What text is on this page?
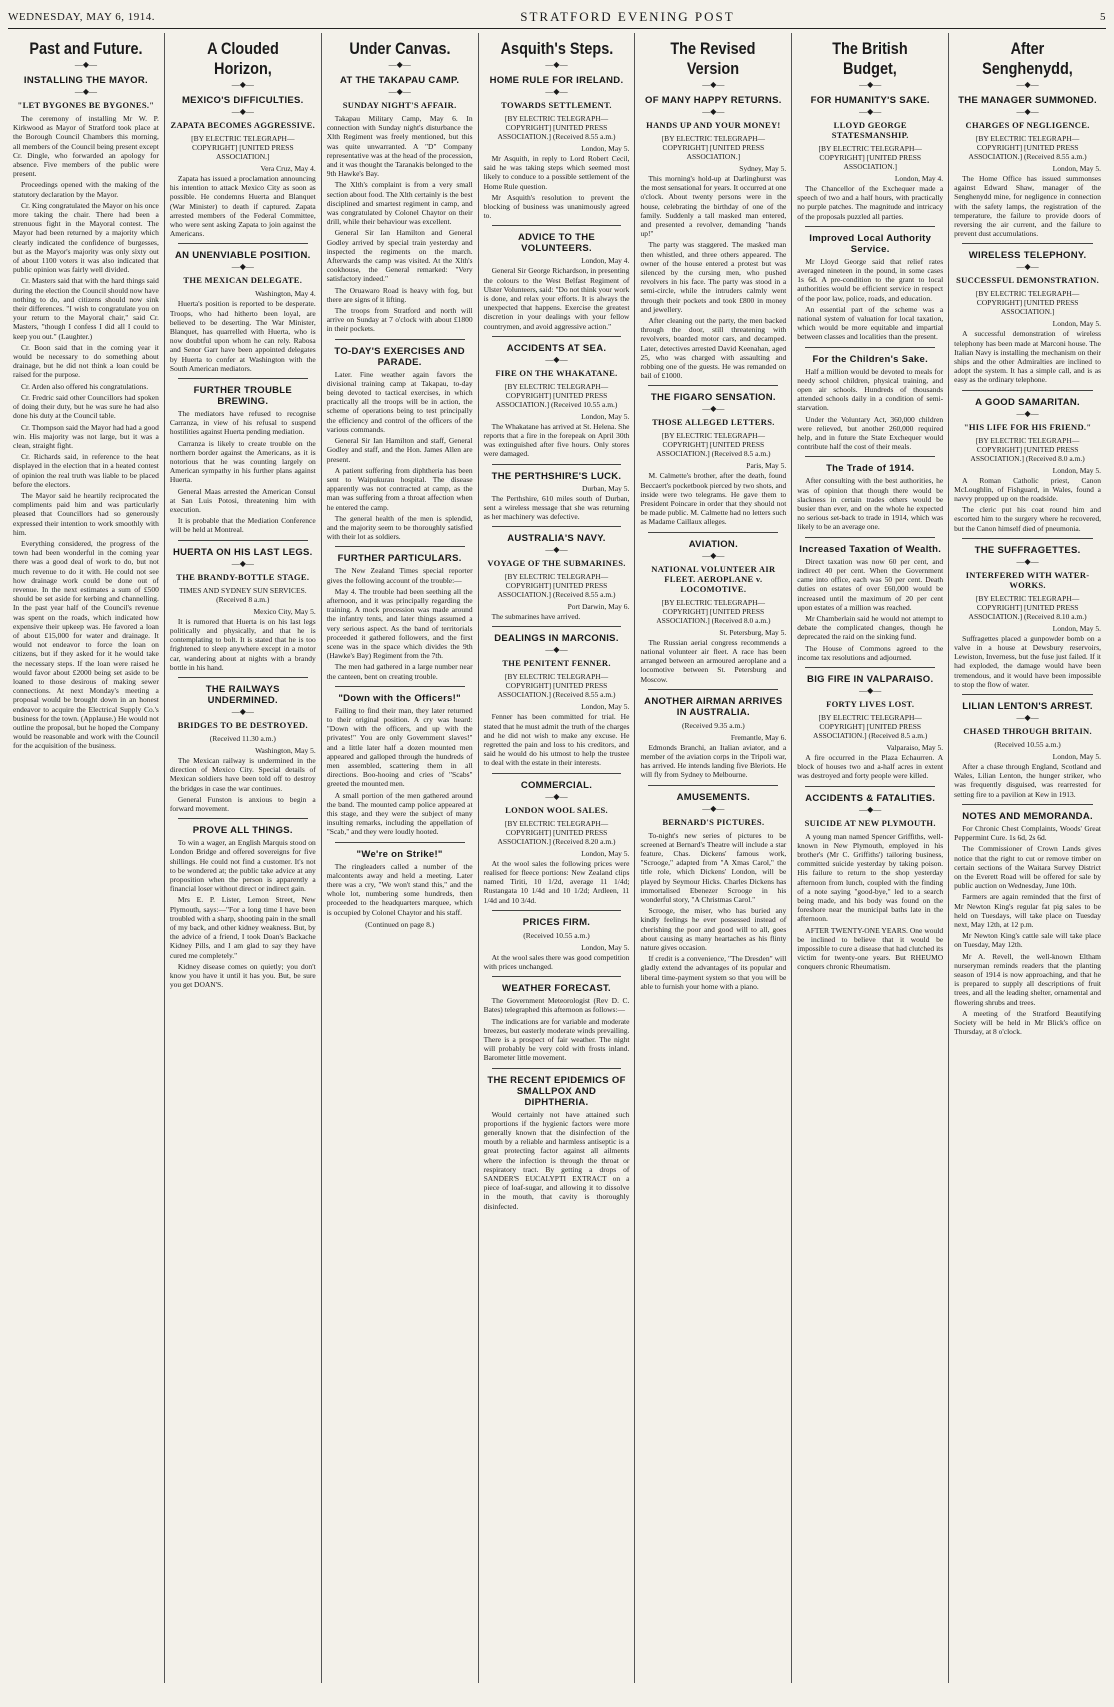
WEDNESDAY, MAY 6, 1914.	STRATFORD EVENING POST	5
Past and Future.
—◆—
INSTALLING THE MAYOR.
—◆—
"LET BYGONES BE BYGONES."

The ceremony of installing Mr W. P. Kirkwood as Mayor of Stratford took place at the Borough Council Chambers this morning, all members of the Council being present except Cr. Dingle, who forwarded an apology for absence. Five members of the public were present.

Proceedings opened with the making of the statutory declaration by the Mayor.

Cr. King congratulated the Mayor on his once more taking the chair. There had been a strenuous fight in the Mayoral contest. The Mayor had been returned by a majority which clearly indicated the confidence of burgesses, but as the Mayor's majority was only sixty out of about 1100 voters it was also indicated that public opinion was fairly well divided.

Cr. Masters said that with the hard things said during the election the Council should now have nothing to do, and citizens should now sink their differences. "I wish to congratulate you on your return to the Mayoral chair," said Cr. Masters, "though I confess I did all I could to keep you out." (Laughter.)

Cr. Boon said that in the coming year it would be necessary to do something about drainage, but he did not think a loan could be raised for the purpose.

Cr. Arden also offered his congratulations.

Cr. Fredric said other Councillors had spoken of doing their duty, but he was sure he had also done his duty at the Council table.

Cr. Thompson said the Mayor had had a good win. His majority was not large, but it was a clean, straight fight.

Cr. Richards said, in reference to the heat displayed in the election that in a heated contest of opinion the real truth was liable to be placed before the electors.

The Mayor said he heartily reciprocated the compliments paid him and was particularly pleased that Councillors had so generously expressed their intention to work smoothly with him.

Everything considered, the progress of the town had been wonderful in the coming year there was a good deal of work to do, but not much revenue to do it with. He could not see how drainage work could be done out of revenue. In the next estimates a sum of £500 should be set aside for kerbing and channelling. In the past year half of the Council's revenue was spent on the roads, which indicated how expensive their upkeep was. He favored a loan of about £15,000 for water and drainage. It would not endeavor to force the loan on citizens, but if they asked for it he would take the necessary steps. If the loan were raised he would favor about £2000 being set aside to be loaned to those desirous of making sewer connections. At next Monday's meeting a proposal would be brought down in an honest endeavor to acquire the Electrical Supply Co.'s business for the town. (Applause.) He would not outline the proposal, but he hoped the Company would be reasonable and work with the Council for the acquisition of the business.

A Clouded Horizon,
—◆—
MEXICO'S DIFFICULTIES.
—◆—
ZAPATA BECOMES AGGRESSIVE.
[BY ELECTRIC TELEGRAPH—COPYRIGHT] [UNITED PRESS ASSOCIATION.]
Vera Cruz, May 4.

Zapata has issued a proclamation announcing his intention to attack Mexico City as soon as possible. He condemns Huerta and Blanquet (War Minister) to death if captured. Zapata arrested members of the Federal Committee, who were sent asking Zapata to join against the Americans.

AN UNENVIABLE POSITION.
—◆—
THE MEXICAN DELEGATE.
Washington, May 4.

Huerta's position is reported to be desperate. Troops, who had hitherto been loyal, are believed to be deserting. The War Minister, Blanquet, has quarrelled with Huerta, who is now doubtful upon whom he can rely. Rabosa and Senor Garr have been appointed delegates by Huerta to confer at Washington with the South American mediators.

FURTHER TROUBLE BREWING.

The mediators have refused to recognise Carranza, in view of his refusal to suspend hostilities against Huerta pending mediation.

Carranza is likely to create trouble on the northern border against the Americans, as it is notorious that he was counting largely on American sympathy in his further plans against Huerta.

General Maas arrested the American Consul at San Luis Potosi, threatening him with execution.

It is probable that the Mediation Conference will be held at Montreal.

HUERTA ON HIS LAST LEGS.
—◆—
THE BRANDY-BOTTLE STAGE.
TIMES AND SYDNEY SUN SERVICES. (Received 8 a.m.)
Mexico City, May 5.

It is rumored that Huerta is on his last legs politically and physically, and that he is contemplating to bolt. It is stated that he is too frightened to sleep anywhere except in a motor car, wandering about at nights with a brandy bottle in his hand.

THE RAILWAYS UNDERMINED.
—◆—
BRIDGES TO BE DESTROYED.
(Received 11.30 a.m.)
Washington, May 5.

The Mexican railway is undermined in the direction of Mexico City. Special details of Mexican soldiers have been told off to destroy the bridges in case the war continues.

General Funston is anxious to begin a forward movement.

PROVE ALL THINGS.

To win a wager, an English Marquis stood on London Bridge and offered sovereigns for five shillings. He could not find a customer. It's not to be wondered at; the public take advice at any proposition when the person is apparently a financial loser without direct or indirect gain.

Mrs E. P. Lister, Lemon Street, New Plymouth, says:—"For a long time I have been troubled with a sharp, shooting pain in the small of my back, and other kidney weakness. But, by the advice of a friend, I took Doan's Backache Kidney Pills, and I am glad to say they have cured me completely."

Kidney disease comes on quietly; you don't know you have it until it has you. But, be sure you get DOAN'S.

Under Canvas.
—◆—
AT THE TAKAPAU CAMP.
—◆—
SUNDAY NIGHT'S AFFAIR.

Takapau Military Camp, May 6. In connection with Sunday night's disturbance the Xlth Regiment was freely mentioned, but this was quite unwarranted. A "D" Company representative was at the head of the procession, and it was thought the Taranakis belonged to the 9th Hawke's Bay.

The Xlth's complaint is from a very small section about food. The Xlth certainly is the best disciplined and smartest regiment in camp, and was congratulated by Colonel Chaytor on their drill, while their behaviour was excellent.

General Sir Ian Hamilton and General Godley arrived by special train yesterday and inspected the regiments on the march. Afterwards the camp was visited. At the Xlth's cookhouse, the General remarked: "Very satisfactory indeed."

The Oruawaro Road is heavy with fog, but there are signs of it lifting.

The troops from Stratford and north will arrive on Sunday at 7 o'clock with about £1800 in their pockets.

TO-DAY'S EXERCISES AND PARADE.

Later. Fine weather again favors the divisional training camp at Takapau, to-day being devoted to tactical exercises, in which practically all the troops will be in action, the scheme of operations being to test principally the efficiency and control of the officers of the various commands.

General Sir Ian Hamilton and staff, General Godley and staff, and the Hon. James Allen are present.

A patient suffering from diphtheria has been sent to Waipukurau hospital. The disease apparently was not contracted at camp, as the man was suffering from a throat affection when he entered the camp.

The general health of the men is splendid, and the majority seem to be thoroughly satisfied with their lot as soldiers.

FURTHER PARTICULARS.

The New Zealand Times special reporter gives the following account of the trouble:—

May 4. The trouble had been seething all the afternoon, and it was principally regarding the training. A mock procession was made around the infantry tents, and later things assumed a very serious aspect. As the band of territorials proceeded it gathered followers, and the first scene was in the space which divides the 9th (Hawke's Bay) Regiment from the 7th.

The men had gathered in a large number near the canteen, bent on creating trouble.

"Down with the Officers!"

Failing to find their man, they later returned to their original position. A cry was heard: "Down with the officers, and up with the privates!" You are only Government slaves!" and a little later half a dozen mounted men appeared and galloped through the hundreds of men assembled, scattering them in all directions. Boo-hooing and cries of "Scabs" greeted the mounted men.

A small portion of the men gathered around the band. The mounted camp police appeared at this stage, and they were the subject of many insulting remarks, including the appellation of "Scab," and they were loudly hooted.

"We're on Strike!"

The ringleaders called a number of the malcontents away and held a meeting. Later there was a cry, "We won't stand this," and the whole lot, numbering some hundreds, then proceeded to the headquarters marquee, which is occupied by Colonel Chaytor and his staff.

(Continued on page 8.)
Asquith's Steps.
—◆—
HOME RULE FOR IRELAND.
—◆—
TOWARDS SETTLEMENT.
[BY ELECTRIC TELEGRAPH—COPYRIGHT] [UNITED PRESS ASSOCIATION.] (Received 8.55 a.m.)
London, May 5.

Mr Asquith, in reply to Lord Robert Cecil, said he was taking steps which seemed most likely to conduce to a possible settlement of the Home Rule question.

Mr Asquith's resolution to prevent the blocking of business was unanimously agreed to.

ADVICE TO THE VOLUNTEERS.
London, May 4.

General Sir George Richardson, in presenting the colours to the West Belfast Regiment of Ulster Volunteers, said: "Do not think your work is done, and relax your efforts. It is always the unexpected that happens. Exercise the greatest discretion in your dealings with your fellow countrymen, and avoid aggressive action."

ACCIDENTS AT SEA.
—◆—
FIRE ON THE WHAKATANE.
[BY ELECTRIC TELEGRAPH—COPYRIGHT] [UNITED PRESS ASSOCIATION.] (Received 10.55 a.m.)
London, May 5.

The Whakatane has arrived at St. Helena. She reports that a fire in the forepeak on April 30th was extinguished after five hours. Only stores were damaged.

THE PERTHSHIRE'S LUCK.
Durban, May 5.

The Perthshire, 610 miles south of Durban, sent a wireless message that she was returning as her machinery was defective.

AUSTRALIA'S NAVY.
—◆—
VOYAGE OF THE SUBMARINES.
[BY ELECTRIC TELEGRAPH—COPYRIGHT] [UNITED PRESS ASSOCIATION.] (Received 8.55 a.m.)
Port Darwin, May 6.

The submarines have arrived.

DEALINGS IN MARCONIS.
—◆—
THE PENITENT FENNER.
[BY ELECTRIC TELEGRAPH—COPYRIGHT] [UNITED PRESS ASSOCIATION.] (Received 8.55 a.m.)
London, May 5.

Fenner has been committed for trial. He stated that he must admit the truth of the charges and he did not wish to make any excuse. He regretted the pain and loss to his creditors, and said he would do his utmost to help the trustee to deal with the estate in their interests.

COMMERCIAL.
—◆—
LONDON WOOL SALES.
[BY ELECTRIC TELEGRAPH—COPYRIGHT] [UNITED PRESS ASSOCIATION.] (Received 8.20 a.m.)
London, May 5.

At the wool sales the following prices were realised for fleece portions: New Zealand clips named Tiriti, 10 1/2d, average 11 1/4d; Rustangata 10 1/4d and 10 1/2d; Ardleen, 11 1/4d and 10 3/4d.

PRICES FIRM.
(Received 10.55 a.m.)
London, May 5.

At the wool sales there was good competition with prices unchanged.

WEATHER FORECAST.

The Government Meteorologist (Rev D. C. Bates) telegraphed this afternoon as follows:—

The indications are for variable and moderate breezes, but easterly moderate winds prevailing. There is a prospect of fair weather. The night will probably be very cold with frosts inland. Barometer little movement.

THE RECENT EPIDEMICS OF SMALLPOX AND DIPHTHERIA.

Would certainly not have attained such proportions if the hygienic factors were more generally known that the disinfection of the mouth by a reliable and harmless antiseptic is a great protecting factor against all ailments where the infection is through the throat or respiratory tract. By getting a drops of SANDER'S EUCALYPTI EXTRACT on a piece of loaf-sugar, and allowing it to dissolve in the mouth, that cavity is thoroughly disinfected.

The Revised Version
—◆—
OF MANY HAPPY RETURNS.
—◆—
HANDS UP AND YOUR MONEY!
[BY ELECTRIC TELEGRAPH—COPYRIGHT] [UNITED PRESS ASSOCIATION.]
Sydney, May 5.

This morning's hold-up at Darlinghurst was the most sensational for years. It occurred at one o'clock. About twenty persons were in the house, celebrating the birthday of one of the family. Suddenly a tall masked man entered, and presented a revolver, demanding "hands up!"

The party was staggered. The masked man then whistled, and three others appeared. The owner of the house entered a protest but was silenced by the cursing men, who pushed revolvers in his face. The party was stood in a semi-circle, while the intruders calmly went through their pockets and took £800 in money and jewellery.

After cleaning out the party, the men backed through the door, still threatening with revolvers, boarded motor cars, and decamped. Later, detectives arrested David Keenahan, aged 25, who was charged with assaulting and robbing one of the guests. He was remanded on bail of £1000.

THE FIGARO SENSATION.
—◆—
THOSE ALLEGED LETTERS.
[BY ELECTRIC TELEGRAPH—COPYRIGHT] [UNITED PRESS ASSOCIATION.] (Received 8.5 a.m.)
Paris, May 5.

M. Calmette's brother, after the death, found Beccaert's pocketbook pierced by two shots, and inside were two telegrams. He gave them to President Poincare in order that they should not be made public. M. Calmette had no letters such as Madame Caillaux alleges.

AVIATION.
—◆—
NATIONAL VOLUNTEER AIR FLEET. AEROPLANE v. LOCOMOTIVE.
[BY ELECTRIC TELEGRAPH—COPYRIGHT] [UNITED PRESS ASSOCIATION.] (Received 8.0 a.m.)
St. Petersburg, May 5.

The Russian aerial congress recommends a national volunteer air fleet. A race has been arranged between an armoured aeroplane and a locomotive between St. Petersburg and Moscow.

ANOTHER AIRMAN ARRIVES IN AUSTRALIA.
(Received 9.35 a.m.)
Fremantle, May 6.

Edmonds Branchi, an Italian aviator, and a member of the aviation corps in the Tripoli war, has arrived. He intends landing five Bleriots. He will fly from Sydney to Melbourne.

AMUSEMENTS.
—◆—
BERNARD'S PICTURES.

To-night's new series of pictures to be screened at Bernard's Theatre will include a star feature, Chas. Dickens' famous work, "Scrooge," adapted from "A Xmas Carol," the title role, which Dickens' London, will be played by Seymour Hicks. Charles Dickens has immortalised Ebenezer Scrooge in his wonderful story, "A Christmas Carol."

Scrooge, the miser, who has buried any kindly feelings he ever possessed instead of cherishing the poor and good will to all, goes about causing as many heartaches as his flinty nature gives occasion.

If credit is a convenience, "The Dresden" will gladly extend the advantages of its popular and liberal time-payment system so that you will be able to furnish your home with a piano.

The British Budget,
—◆—
FOR HUMANITY'S SAKE.
—◆—
LLOYD GEORGE STATESMANSHIP.
[BY ELECTRIC TELEGRAPH—COPYRIGHT] [UNITED PRESS ASSOCIATION.]
London, May 4.

The Chancellor of the Exchequer made a speech of two and a half hours, with practically no purple patches. The magnitude and intricacy of the proposals puzzled all parties.

Improved Local Authority Service.

Mr Lloyd George said that relief rates averaged nineteen in the pound, in some cases 1s 6d. A pre-condition to the grant to local authorities would be efficient service in respect of the poor law, police, roads, and education.

An essential part of the scheme was a national system of valuation for local taxation, which would be more equitable and impartial between classes and localities than the present.

For the Children's Sake.

Half a million would be devoted to meals for needy school children, physical training, and open air schools. Hundreds of thousands attended schools daily in a condition of semi-starvation.

Under the Voluntary Act, 360,000 children were relieved, but another 260,000 required help, and in future the State Exchequer would contribute half the cost of their meals.

The Trade of 1914.

After consulting with the best authorities, he was of opinion that though there would be slackness in certain trades others would be busier than ever, and on the whole he expected no serious set-back to trade in 1914, which was likely to be an average one.

Increased Taxation of Wealth.

Direct taxation was now 60 per cent, and indirect 40 per cent. When the Government came into office, each was 50 per cent. Death duties on estates of over £60,000 would be increased until the maximum of 20 per cent upon estates of a million was reached.

Mr Chamberlain said he would not attempt to debate the complicated changes, though he deprecated the raid on the sinking fund.

The House of Commons agreed to the income tax resolutions and adjourned.

BIG FIRE IN VALPARAISO.
—◆—
FORTY LIVES LOST.
[BY ELECTRIC TELEGRAPH—COPYRIGHT] [UNITED PRESS ASSOCIATION.] (Received 8.5 a.m.)
Valparaiso, May 5.

A fire occurred in the Plaza Echaurren. A block of houses two and a-half acres in extent was destroyed and forty people were killed.

ACCIDENTS & FATALITIES.
—◆—
SUICIDE AT NEW PLYMOUTH.

A young man named Spencer Griffiths, well-known in New Plymouth, employed in his brother's (Mr C. Griffiths') tailoring business, committed suicide yesterday by taking poison. His failure to return to the shop yesterday afternoon from lunch, coupled with the finding of a note saying "good-bye," led to a search being made, and his body was found on the foreshore near the municipal baths late in the afternoon.

AFTER TWENTY-ONE YEARS. One would be inclined to believe that it would be impossible to cure a disease that had clutched its victim for twenty-one years. But RHEUMO conquers chronic Rheumatism.

After Senghenydd,
—◆—
THE MANAGER SUMMONED.
—◆—
CHARGES OF NEGLIGENCE.
[BY ELECTRIC TELEGRAPH—COPYRIGHT] [UNITED PRESS ASSOCIATION.] (Received 8.55 a.m.)
London, May 5.

The Home Office has issued summonses against Edward Shaw, manager of the Senghenydd mine, for negligence in connection with the safety lamps, the registration of the temperature, the failure to provide doors of reversing the air current, and the failure to prevent dust accumulations.

WIRELESS TELEPHONY.
—◆—
SUCCESSFUL DEMONSTRATION.
[BY ELECTRIC TELEGRAPH—COPYRIGHT] [UNITED PRESS ASSOCIATION.]
London, May 5.

A successful demonstration of wireless telephony has been made at Marconi house. The Italian Navy is installing the mechanism on their ships and the other Admiralties are inclined to adopt the system. It has a simple call, and is as easy as the ordinary telephone.

A GOOD SAMARITAN.
—◆—
"HIS LIFE FOR HIS FRIEND."
[BY ELECTRIC TELEGRAPH—COPYRIGHT] [UNITED PRESS ASSOCIATION.] (Received 8.0 a.m.)
London, May 5.

A Roman Catholic priest, Canon McLoughlin, of Fishguard, in Wales, found a navvy propped up on the roadside.

The cleric put his coat round him and escorted him to the surgery where he recovered, but the Canon himself died of pneumonia.

THE SUFFRAGETTES.
—◆—
INTERFERED WITH WATER-WORKS.
[BY ELECTRIC TELEGRAPH—COPYRIGHT] [UNITED PRESS ASSOCIATION.] (Received 8.10 a.m.)
London, May 5.

Suffragettes placed a gunpowder bomb on a valve in a house at Dewsbury reservoirs, Lewiston, Inverness, but the fuse just failed. If it had exploded, the damage would have been tremendous, and it would have been impossible to stop the flow of water.

LILIAN LENTON'S ARREST.
—◆—
CHASED THROUGH BRITAIN.
(Received 10.55 a.m.)
London, May 5.

After a chase through England, Scotland and Wales, Lilian Lenton, the hunger striker, who was frequently disguised, was rearrested for setting fire to a pavilion at Kew in 1913.

NOTES AND MEMORANDA.

For Chronic Chest Complaints, Woods' Great Peppermint Cure. 1s 6d, 2s 6d.

The Commissioner of Crown Lands gives notice that the right to cut or remove timber on certain sections of the Waitara Survey District on the Everett Road will be offered for sale by public auction on Wednesday, June 10th.

Farmers are again reminded that the first of Mr Newton King's regular fat pig sales to be held on Tuesdays, will take place on Tuesday next, May 12th, at 12 p.m.

Mr Newton King's cattle sale will take place on Tuesday, May 12th.

Mr A. Revell, the well-known Eltham nurseryman reminds readers that the planting season of 1914 is now approaching, and that he is prepared to supply all descriptions of fruit trees, and all the leading shelter, ornamental and flowering shrubs and trees.

A meeting of the Stratford Beautifying Society will be held in Mr Blick's office on Thursday, at 8 o'clock.
